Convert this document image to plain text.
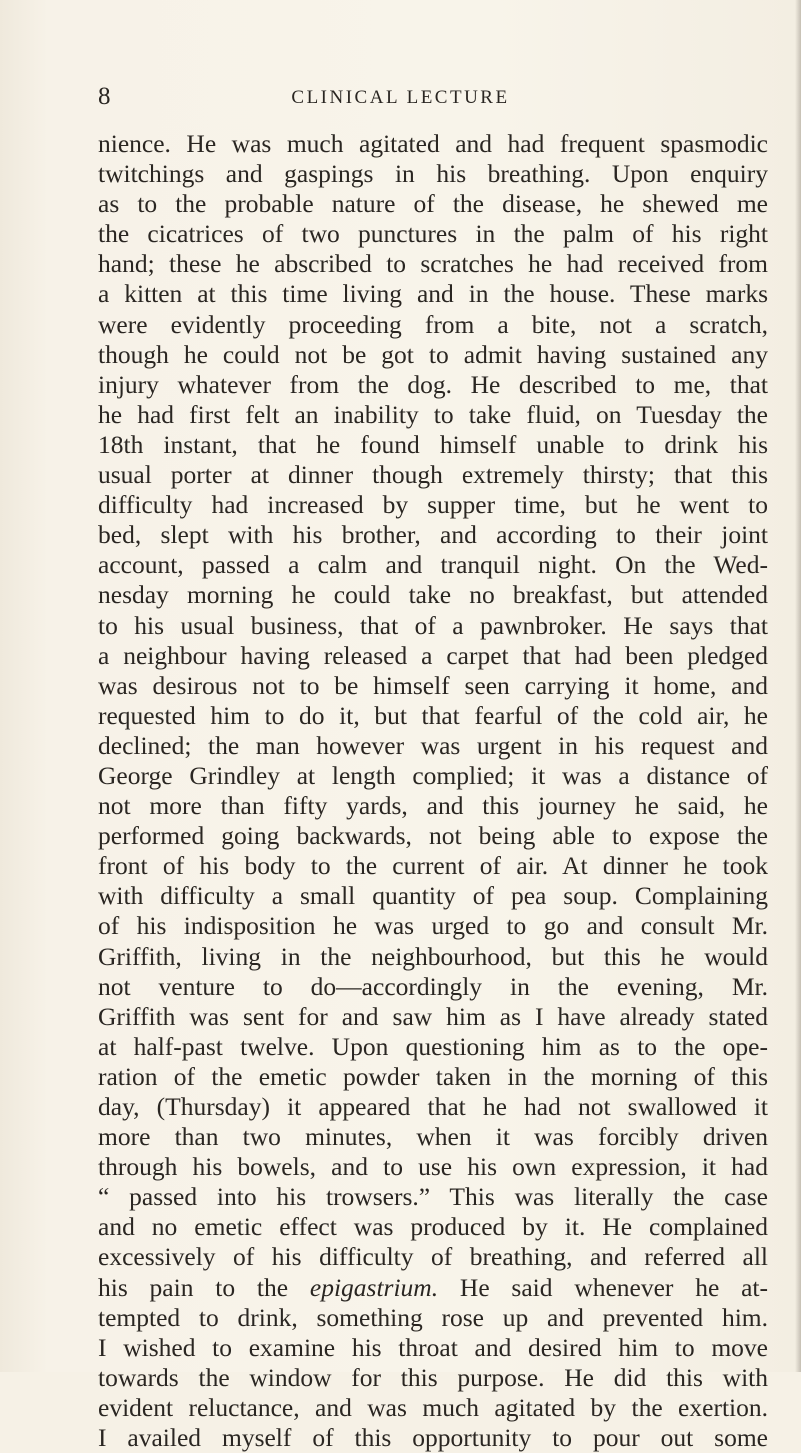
8	CLINICAL LECTURE
nience. He was much agitated and had frequent spasmodic
twitchings and gaspings in his breathing. Upon enquiry
as to the probable nature of the disease, he shewed me
the cicatrices of two punctures in the palm of his right
hand; these he abscribed to scratches he had received from
a kitten at this time living and in the house. These marks
were evidently proceeding from a bite, not a scratch,
though he could not be got to admit having sustained any
injury whatever from the dog. He described to me, that
he had first felt an inability to take fluid, on Tuesday the
18th instant, that he found himself unable to drink his
usual porter at dinner though extremely thirsty; that this
difficulty had increased by supper time, but he went to
bed, slept with his brother, and according to their joint
account, passed a calm and tranquil night. On the Wed-
nesday morning he could take no breakfast, but attended
to his usual business, that of a pawnbroker. He says that
a neighbour having released a carpet that had been pledged
was desirous not to be himself seen carrying it home, and
requested him to do it, but that fearful of the cold air, he
declined; the man however was urgent in his request and
George Grindley at length complied; it was a distance of
not more than fifty yards, and this journey he said, he
performed going backwards, not being able to expose the
front of his body to the current of air. At dinner he took
with difficulty a small quantity of pea soup. Complaining
of his indisposition he was urged to go and consult Mr.
Griffith, living in the neighbourhood, but this he would
not venture to do—accordingly in the evening, Mr.
Griffith was sent for and saw him as I have already stated
at half-past twelve. Upon questioning him as to the ope-
ration of the emetic powder taken in the morning of this
day, (Thursday) it appeared that he had not swallowed it
more than two minutes, when it was forcibly driven
through his bowels, and to use his own expression, it had
“ passed into his trowsers.” This was literally the case
and no emetic effect was produced by it. He complained
excessively of his difficulty of breathing, and referred all
his pain to the epigastrium. He said whenever he at-
tempted to drink, something rose up and prevented him.
I wished to examine his throat and desired him to move
towards the window for this purpose. He did this with
evident reluctance, and was much agitated by the exertion.
I availed myself of this opportunity to pour out some
